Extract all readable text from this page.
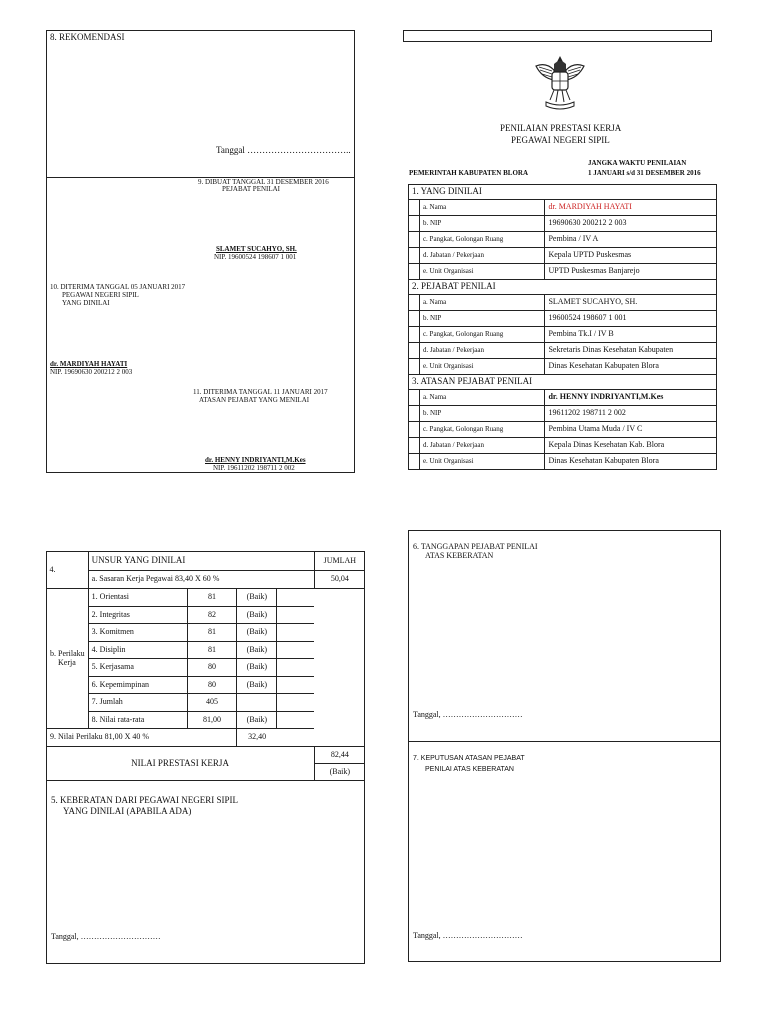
8. REKOMENDASI
Tanggal ……………………………..
9. DIBUAT TANGGAL 31 DESEMBER 2016
PEJABAT PENILAI
SLAMET SUCAHYO, SH.
NIP. 19600524 198607 1 001
10. DITERIMA TANGGAL 05 JANUARI 2017
PEGAWAI NEGERI SIPIL
YANG DINILAI
dr. MARDIYAH HAYATI
NIP. 19690630 200212 2 003
11. DITERIMA TANGGAL 11 JANUARI 2017
ATASAN PEJABAT YANG MENILAI
dr. HENNY INDRIYANTI,M.Kes
NIP. 19611202 198711 2 002
PENILAIAN PRESTASI KERJA
PEGAWAI NEGERI SIPIL
PEMERINTAH KABUPATEN BLORA
JANGKA WAKTU PENILAIAN
1 JANUARI s/d 31 DESEMBER 2016
1. YANG DINILAI		
	a. Nama	dr. MARDIYAH HAYATI
	b. NIP	19690630 200212 2 003
	c. Pangkat, Golongan Ruang	Pembina / IV A
	d. Jabatan / Pekerjaan	Kepala UPTD Puskesmas
	e. Unit Organisasi	UPTD Puskesmas Banjarejo
2. PEJABAT PENILAI		
	a. Nama	SLAMET SUCAHYO, SH.
	b. NIP	19600524 198607 1 001
	c. Pangkat, Golongan Ruang	Pembina Tk.I / IV B
	d. Jabatan / Pekerjaan	Sekretaris Dinas Kesehatan Kabupaten
	e. Unit Organisasi	Dinas Kesehatan Kabupaten Blora
3. ATASAN PEJABAT PENILAI		
	a. Nama	dr. HENNY INDRIYANTI,M.Kes
	b. NIP	19611202 198711 2 002
	c. Pangkat, Golongan Ruang	Pembina Utama Muda / IV C
	d. Jabatan / Pekerjaan	Kepala Dinas Kesehatan Kab. Blora
	e. Unit Organisasi	Dinas Kesehatan Kabupaten Blora
4.	UNSUR YANG DINILAI				JUMLAH
	a. Sasaran Kerja Pegawai 83,40 X 60 %				50,04
b. Perilaku
Kerja	1. Orientasi	81	(Baik)		
	2. Integritas	82	(Baik)		
	3. Komitmen	81	(Baik)		
	4. Disiplin	81	(Baik)		
	5. Kerjasama	80	(Baik)		
	6. Kepemimpinan	80	(Baik)		
	7. Jumlah	405			
	8. Nilai rata-rata	81,00	(Baik)		
9. Nilai Perilaku 81,00 X 40 %			32,40		
NILAI PRESTASI KERJA					82,44
					(Baik)
5. KEBERATAN DARI PEGAWAI NEGERI SIPIL
YANG DINILAI (APABILA ADA)
Tanggal, …………………………
6. TANGGAPAN PEJABAT PENILAI
ATAS KEBERATAN
Tanggal, …………………………
7. KEPUTUSAN ATASAN PEJABAT
PENILAI ATAS KEBERATAN
Tanggal, …………………………
